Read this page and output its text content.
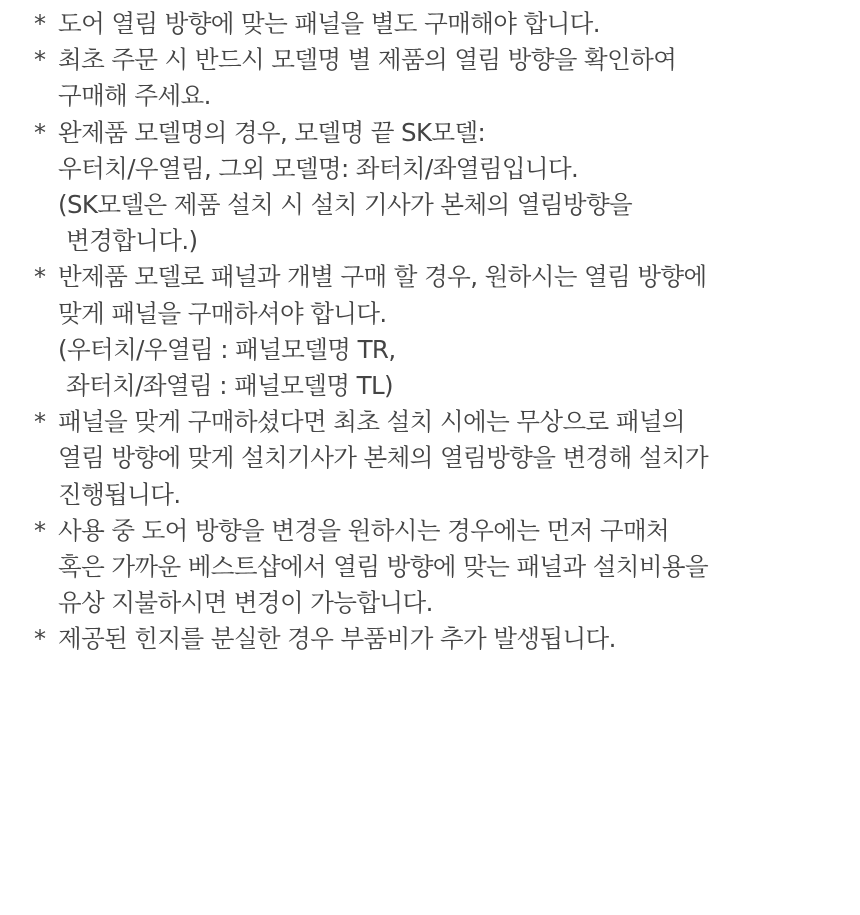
* 도어 열림 방향에 맞는 패널을 별도 구매해야 합니다.
* 최초 주문 시 반드시 모델명 별 제품의 열림 방향을 확인하여
구매해 주세요.
* 완제품 모델명의 경우, 모델명 끝 SK모델:
우터치/우열림, 그외 모델명: 좌터치/좌열림입니다.
(SK모델은 제품 설치 시 설치 기사가 본체의 열림방향을
변경합니다.)
* 반제품 모델로 패널과 개별 구매 할 경우, 원하시는 열림 방향에
맞게 패널을 구매하셔야 합니다.
(우터치/우열림 : 패널모델명 TR,
좌터치/좌열림 : 패널모델명 TL)
* 패널을 맞게 구매하셨다면 최초 설치 시에는 무상으로 패널의
열림 방향에 맞게 설치기사가 본체의 열림방향을 변경해 설치가
진행됩니다.
* 사용 중 도어 방향을 변경을 원하시는 경우에는 먼저 구매처
혹은 가까운 베스트샵에서 열림 방향에 맞는 패널과 설치비용을
유상 지불하시면 변경이 가능합니다.
* 제공된 힌지를 분실한 경우 부품비가 추가 발생됩니다.
